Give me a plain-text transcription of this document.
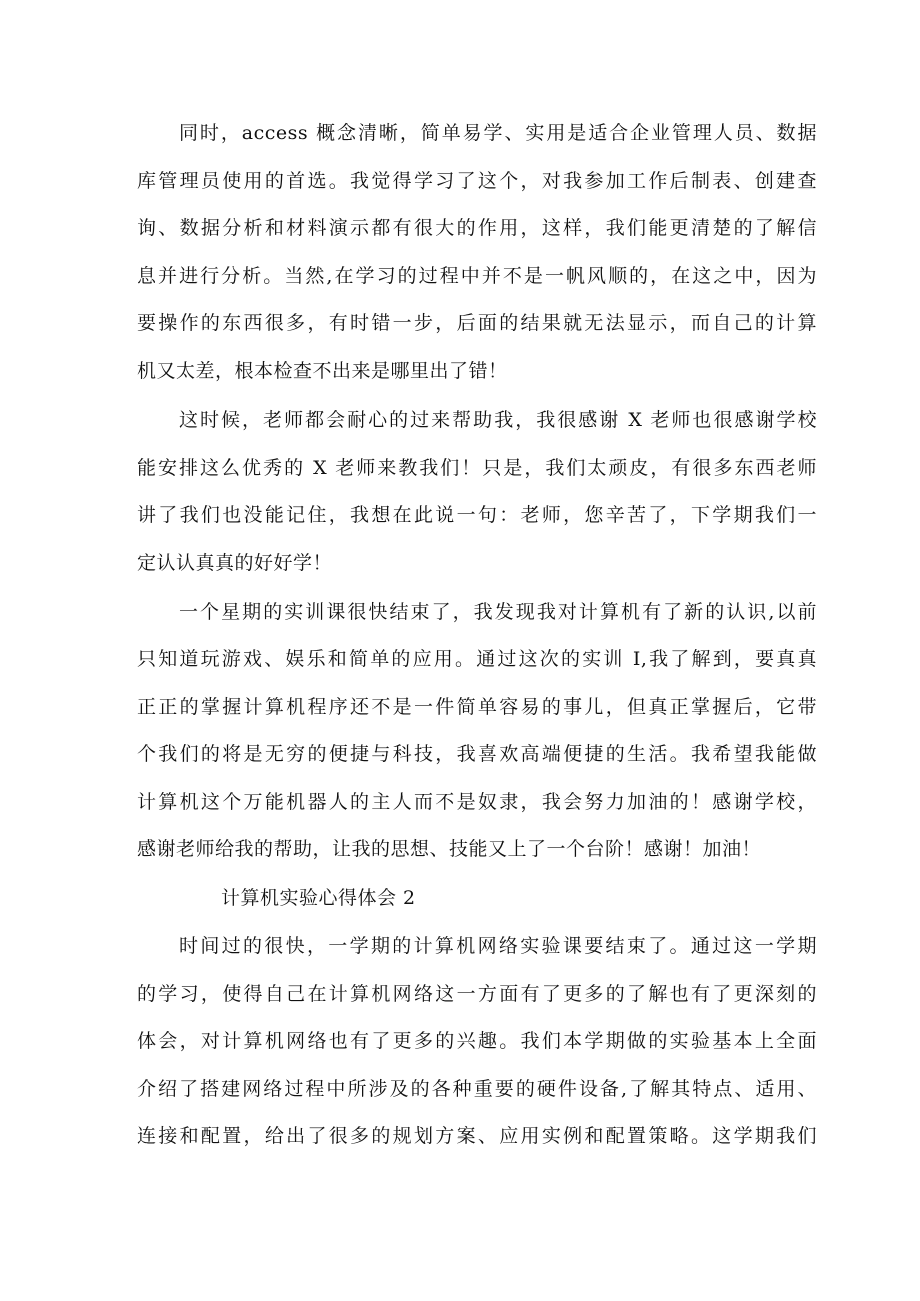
同时，access 概念清晰，简单易学、实用是适合企业管理人员、数据
库管理员使用的首选。我觉得学习了这个，对我参加工作后制表、创建查
询、数据分析和材料演示都有很大的作用，这样，我们能更清楚的了解信
息并进行分析。当然,在学习的过程中并不是一帆风顺的，在这之中，因为
要操作的东西很多，有时错一步，后面的结果就无法显示，而自己的计算
机又太差，根本检查不出来是哪里出了错！
这时候，老师都会耐心的过来帮助我，我很感谢 X 老师也很感谢学校
能安排这么优秀的 X 老师来教我们！只是，我们太顽皮，有很多东西老师
讲了我们也没能记住，我想在此说一句：老师，您辛苦了，下学期我们一
定认认真真的好好学！
一个星期的实训课很快结束了，我发现我对计算机有了新的认识,以前
只知道玩游戏、娱乐和简单的应用。通过这次的实训 I,我了解到，要真真
正正的掌握计算机程序还不是一件简单容易的事儿，但真正掌握后，它带
个我们的将是无穷的便捷与科技，我喜欢高端便捷的生活。我希望我能做
计算机这个万能机器人的主人而不是奴隶，我会努力加油的！感谢学校，
感谢老师给我的帮助，让我的思想、技能又上了一个台阶！感谢！加油！
计算机实验心得体会 2
时间过的很快，一学期的计算机网络实验课要结束了。通过这一学期
的学习，使得自己在计算机网络这一方面有了更多的了解也有了更深刻的
体会，对计算机网络也有了更多的兴趣。我们本学期做的实验基本上全面
介绍了搭建网络过程中所涉及的各种重要的硬件设备,了解其特点、适用、
连接和配置，给出了很多的规划方案、应用实例和配置策略。这学期我们
